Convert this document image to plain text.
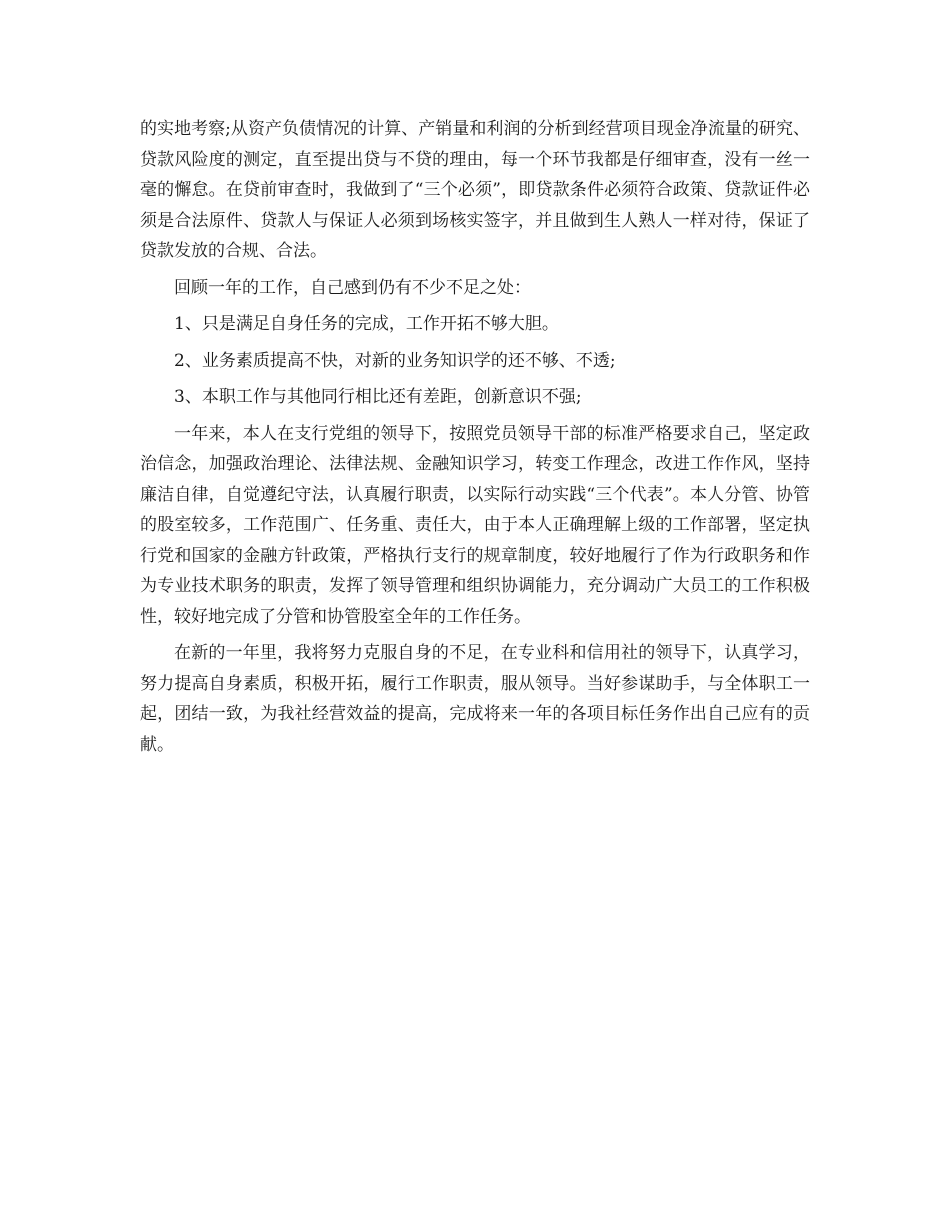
的实地考察;从资产负债情况的计算、产销量和利润的分析到经营项目现金净流量的研究、贷款风险度的测定，直至提出贷与不贷的理由，每一个环节我都是仔细审查，没有一丝一毫的懈怠。在贷前审查时，我做到了“三个必须”，即贷款条件必须符合政策、贷款证件必须是合法原件、贷款人与保证人必须到场核实签字，并且做到生人熟人一样对待，保证了贷款发放的合规、合法。

回顾一年的工作，自己感到仍有不少不足之处：

1、只是满足自身任务的完成，工作开拓不够大胆。

2、业务素质提高不快，对新的业务知识学的还不够、不透;

3、本职工作与其他同行相比还有差距，创新意识不强;

一年来，本人在支行党组的领导下，按照党员领导干部的标准严格要求自己，坚定政治信念，加强政治理论、法律法规、金融知识学习，转变工作理念，改进工作作风，坚持廉洁自律，自觉遵纪守法，认真履行职责，以实际行动实践“三个代表”。本人分管、协管的股室较多，工作范围广、任务重、责任大，由于本人正确理解上级的工作部署，坚定执行党和国家的金融方针政策，严格执行支行的规章制度，较好地履行了作为行政职务和作为专业技术职务的职责，发挥了领导管理和组织协调能力，充分调动广大员工的工作积极性，较好地完成了分管和协管股室全年的工作任务。

在新的一年里，我将努力克服自身的不足，在专业科和信用社的领导下，认真学习，努力提高自身素质，积极开拓，履行工作职责，服从领导。当好参谋助手，与全体职工一起，团结一致，为我社经营效益的提高，完成将来一年的各项目标任务作出自己应有的贡献。
